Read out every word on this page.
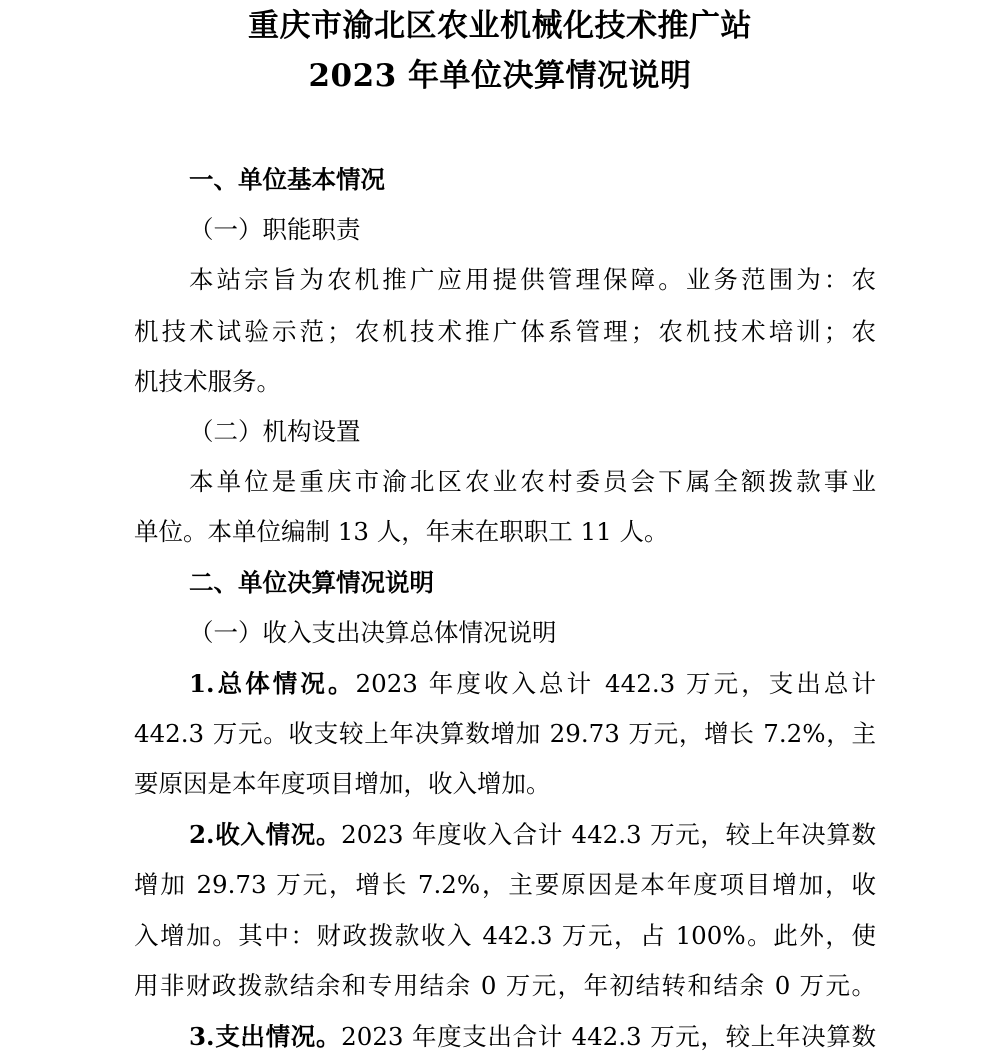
重庆市渝北区农业机械化技术推广站
2023 年单位决算情况说明
一、单位基本情况
（一）职能职责
本站宗旨为农机推广应用提供管理保障。业务范围为：农
机技术试验示范；农机技术推广体系管理；农机技术培训；农
机技术服务。
（二）机构设置
本单位是重庆市渝北区农业农村委员会下属全额拨款事业
单位。本单位编制 13 人，年末在职职工 11 人。
二、单位决算情况说明
（一）收入支出决算总体情况说明
1.总体情况。2023 年度收入总计 442.3 万元，支出总计
442.3 万元。收支较上年决算数增加 29.73 万元，增长 7.2%，主
要原因是本年度项目增加，收入增加。
2.收入情况。2023 年度收入合计 442.3 万元，较上年决算数
增加 29.73 万元，增长 7.2%，主要原因是本年度项目增加，收
入增加。其中：财政拨款收入 442.3 万元，占 100%。此外，使
用非财政拨款结余和专用结余 0 万元，年初结转和结余 0 万元。
3.支出情况。2023 年度支出合计 442.3 万元，较上年决算数
